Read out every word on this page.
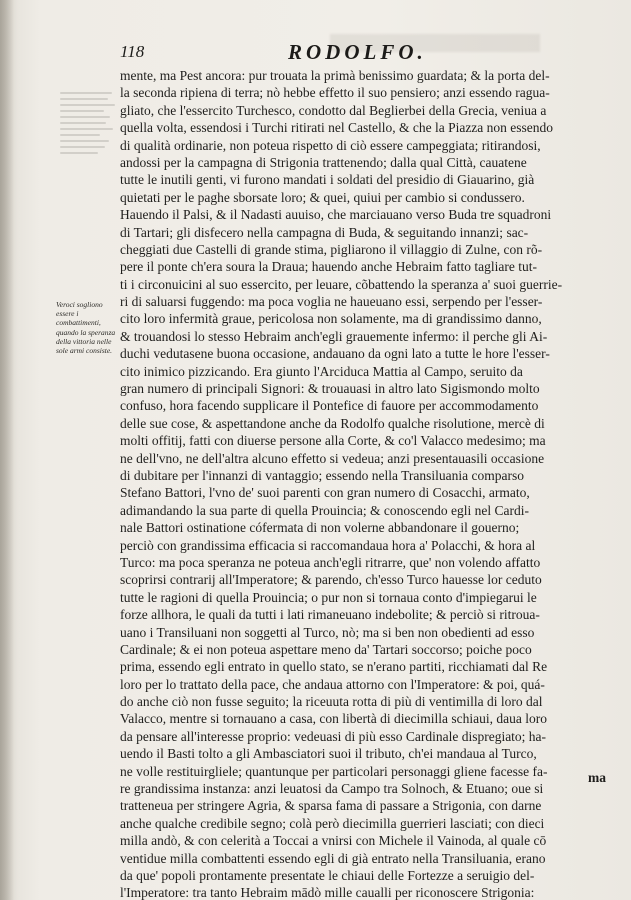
118	RODOLFO.
Veroci sogliono essere i combattimenti, quando la speranza della vittoria nelle sole armi consiste.
mente, ma Pest ancora: pur trouata la primà benissimo guardata; & la porta del-
la seconda ripiena di terra; nò hebbe effetto il suo pensiero; anzi essendo ragua-
gliato, che l'essercito Turchesco, condotto dal Beglierbei della Grecia, veniua a
quella volta, essendosi i Turchi ritirati nel Castello, & che la Piazza non essendo
di qualità ordinarie, non poteua rispetto di ciò essere campeggiata; ritirandosi,
andossi per la campagna di Strigonia trattenendo; dalla qual Città, cauatene
tutte le inutili genti, vi furono mandati i soldati del presidio di Giauarino, già
quietati per le paghe sborsate loro; & quei, quiui per cambio si condussero.
Hauendo il Palsi, & il Nadasti auuiso, che marciauano verso Buda tre squadroni
di Tartari; gli disfecero nella campagna di Buda, & seguitando innanzi; sac-
cheggiati due Castelli di grande stima, pigliarono il villaggio di Zulne, con rõ-
pere il ponte ch'era soura la Draua; hauendo anche Hebraim fatto tagliare tut-
ti i circonuicini al suo essercito, per leuare, cõbattendo la speranza a' suoi guerrie-
ri di saluarsi fuggendo: ma poca voglia ne haueuano essi, serpendo per l'esser-
cito loro infermità graue, pericolosa non solamente, ma di grandissimo danno,
& trouandosi lo stesso Hebraim anch'egli grauemente infermo: il perche gli Ai-
duchi vedutasene buona occasione, andauano da ogni lato a tutte le hore l'esser-
cito inimico pizzicando. Era giunto l'Arciduca Mattia al Campo, seruito da
gran numero di principali Signori: & trouauasi in altro lato Sigismondo molto
confuso, hora facendo supplicare il Pontefice di fauore per accommodamento
delle sue cose, & aspettandone anche da Rodolfo qualche risolutione, mercè di
molti offitij, fatti con diuerse persone alla Corte, & co'l Valacco medesimo; ma
ne dell'vno, ne dell'altra alcuno effetto si vedeua; anzi presentauasili occasione
di dubitare per l'innanzi di vantaggio; essendo nella Transiluania comparso
Stefano Battori, l'vno de' suoi parenti con gran numero di Cosacchi, armato,
adimandando la sua parte di quella Prouincia; & conoscendo egli nel Cardi-
nale Battori ostinatione cófermata di non volerne abbandonare il gouerno;
perciò con grandissima efficacia si raccomandaua hora a' Polacchi, & hora al
Turco: ma poca speranza ne poteua anch'egli ritrarre, que' non volendo affatto
scoprirsi contrarij all'Imperatore; & parendo, ch'esso Turco hauesse lor ceduto
tutte le ragioni di quella Prouincia; o pur non si tornaua conto d'impiegarui le
forze allhora, le quali da tutti i lati rimaneuano indebolite; & perciò si ritroua-
uano i Transiluani non soggetti al Turco, nò; ma si ben non obedienti ad esso
Cardinale; & ei non poteua aspettare meno da' Tartari soccorso; poiche poco
prima, essendo egli entrato in quello stato, se n'erano partiti, ricchiamati dal Re
loro per lo trattato della pace, che andaua attorno con l'Imperatore: & poi, quá-
do anche ciò non fusse seguito; la riceuuta rotta di più di ventimilla di loro dal
Valacco, mentre si tornauano a casa, con libertà di diecimilla schiaui, daua loro
da pensare all'interesse proprio: vedeuasi di più esso Cardinale dispregiato; ha-
uendo il Basti tolto a gli Ambasciatori suoi il tributo, ch'ei mandaua al Turco,
ne volle restituirgliele; quantunque per particolari personaggi gliene facesse fa-
re grandissima instanza: anzi leuatosi da Campo tra Solnoch, & Etuano; oue si
tratteneua per stringere Agria, & sparsa fama di passare a Strigonia, con darne
anche qualche credibile segno; colà però diecimilla guerrieri lasciati; con dieci
milla andò, & con celerità a Toccai a vnirsi con Michele il Vainoda, al quale cō
ventidue milla combattenti essendo egli di già entrato nella Transiluania, erano
da que' popoli prontamente presentate le chiaui delle Fortezze a seruigio del-
l'Imperatore: tra tanto Hebraim mādò mille caualli per riconoscere Strigonia:
ma
